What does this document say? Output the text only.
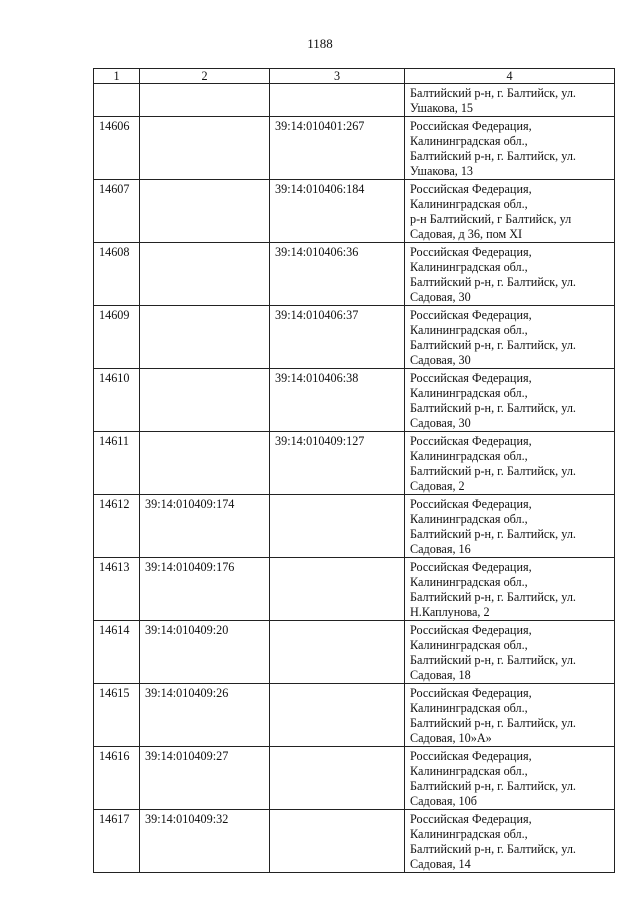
1188
1	2	3	4
			Балтийский р-н, г. Балтийск, ул.
Ушакова, 15
14606		39:14:010401:267	Российская Федерация,
Калининградская обл.,
Балтийский р-н, г. Балтийск, ул.
Ушакова, 13
14607		39:14:010406:184	Российская Федерация,
Калининградская обл.,
р-н Балтийский, г Балтийск, ул
Садовая, д 36, пом XI
14608		39:14:010406:36	Российская Федерация,
Калининградская обл.,
Балтийский р-н, г. Балтийск, ул.
Садовая, 30
14609		39:14:010406:37	Российская Федерация,
Калининградская обл.,
Балтийский р-н, г. Балтийск, ул.
Садовая, 30
14610		39:14:010406:38	Российская Федерация,
Калининградская обл.,
Балтийский р-н, г. Балтийск, ул.
Садовая, 30
14611		39:14:010409:127	Российская Федерация,
Калининградская обл.,
Балтийский р-н, г. Балтийск, ул.
Садовая, 2
14612	39:14:010409:174		Российская Федерация,
Калининградская обл.,
Балтийский р-н, г. Балтийск, ул.
Садовая, 16
14613	39:14:010409:176		Российская Федерация,
Калининградская обл.,
Балтийский р-н, г. Балтийск, ул.
Н.Каплунова, 2
14614	39:14:010409:20		Российская Федерация,
Калининградская обл.,
Балтийский р-н, г. Балтийск, ул.
Садовая, 18
14615	39:14:010409:26		Российская Федерация,
Калининградская обл.,
Балтийский р-н, г. Балтийск, ул.
Садовая, 10»А»
14616	39:14:010409:27		Российская Федерация,
Калининградская обл.,
Балтийский р-н, г. Балтийск, ул.
Садовая, 10б
14617	39:14:010409:32		Российская Федерация,
Калининградская обл.,
Балтийский р-н, г. Балтийск, ул.
Садовая, 14
